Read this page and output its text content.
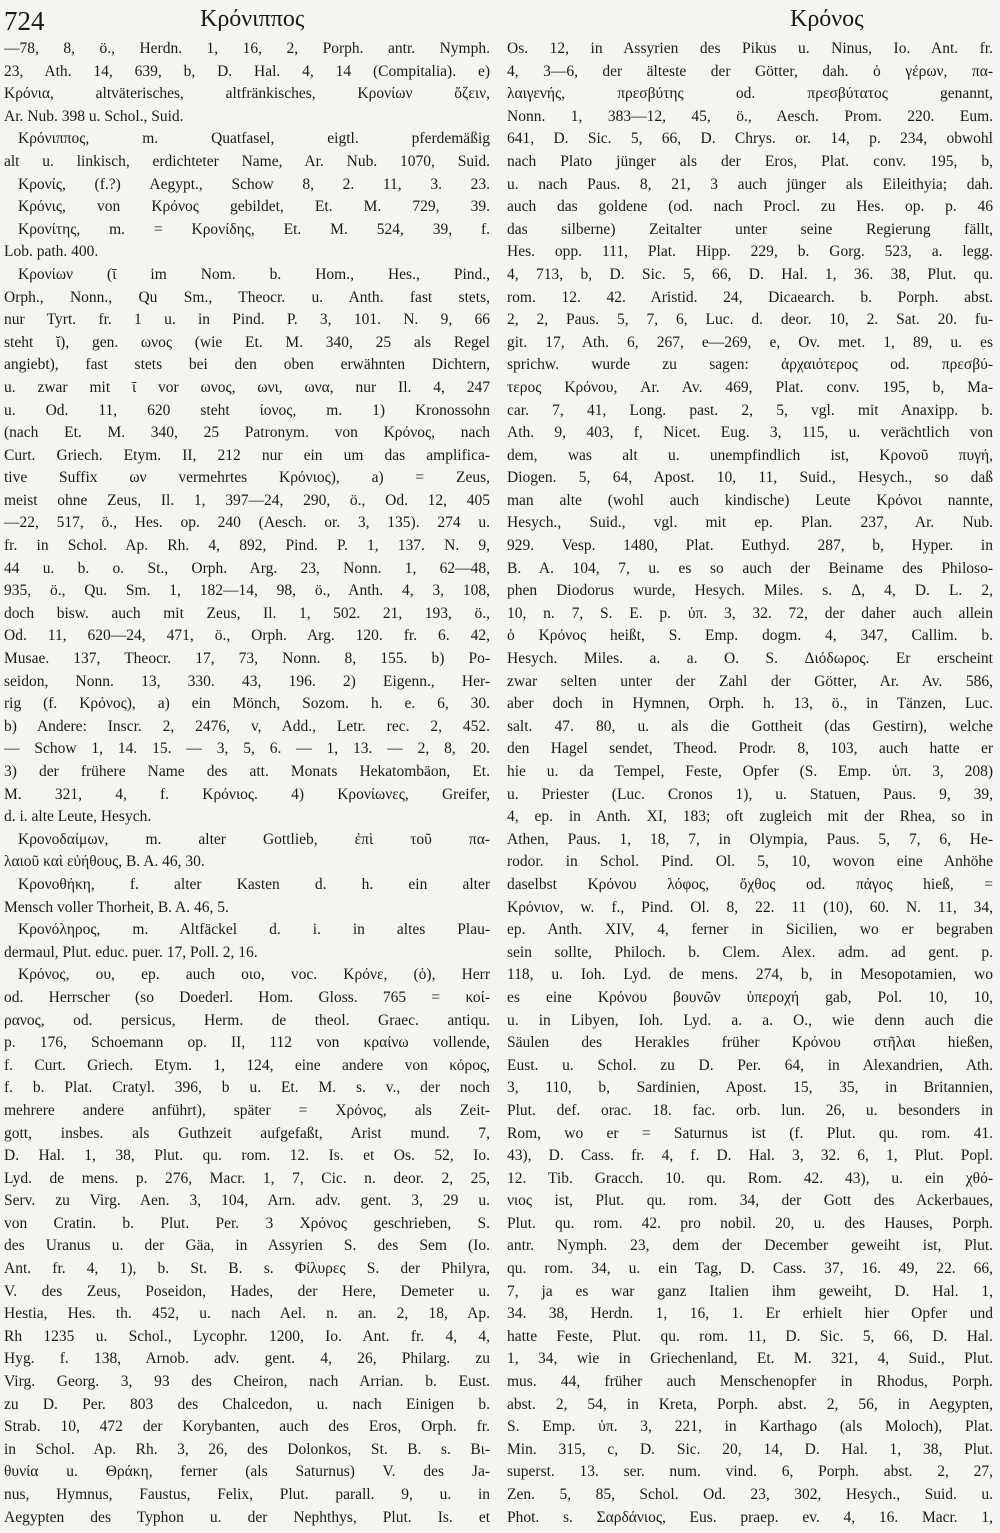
724	Κρόνιππος	Κρόνος
—78, 8, ö., Herdn. 1, 16, 2, Porph. antr. Nymph.
23, Ath. 14, 639, b, D. Hal. 4, 14 (Compitalia). e)
Κρόνια, altväterisches, altfränkisches, Κρονίων ὄζειν,
Ar. Nub. 398 u. Schol., Suid.
Κρόνιππος, m. Quatfasel, eigtl. pferdemäßig
alt u. linkisch, erdichteter Name, Ar. Nub. 1070, Suid.
Κρονίς, (f.?) Aegypt., Schow 8, 2. 11, 3. 23.
Κρόνις, von Κρόνος gebildet, Et. M. 729, 39.
Κρονίτης, m. = Κρονίδης, Et. M. 524, 39, f.
Lob. path. 400.
Κρονίων (ῑ im Nom. b. Hom., Hes., Pind.,
Orph., Nonn., Qu Sm., Theocr. u. Anth. fast stets,
nur Tyrt. fr. 1 u. in Pind. P. 3, 101. N. 9, 66
steht ῐ), gen. ωνος (wie Et. M. 340, 25 als Regel
angiebt), fast stets bei den oben erwähnten Dichtern,
u. zwar mit ῑ vor ωνος, ωνι, ωνα, nur Il. 4, 247
u. Od. 11, 620 steht ίονος, m. 1) Kronossohn
(nach Et. M. 340, 25 Patronym. von Κρόνος, nach
Curt. Griech. Etym. II, 212 nur ein um das amplifica-
tive Suffix ων vermehrtes Κρόνιος), a) = Zeus,
meist ohne Zeus, Il. 1, 397—24, 290, ö., Od. 12, 405
—22, 517, ö., Hes. op. 240 (Aesch. or. 3, 135). 274 u.
fr. in Schol. Ap. Rh. 4, 892, Pind. P. 1, 137. N. 9,
44 u. b. o. St., Orph. Arg. 23, Nonn. 1, 62—48,
935, ö., Qu. Sm. 1, 182—14, 98, ö., Anth. 4, 3, 108,
doch bisw. auch mit Zeus, Il. 1, 502. 21, 193, ö.,
Od. 11, 620—24, 471, ö., Orph. Arg. 120. fr. 6. 42,
Musae. 137, Theocr. 17, 73, Nonn. 8, 155. b) Po-
seidon, Nonn. 13, 330. 43, 196. 2) Eigenn., Her-
rig (f. Κρόνος), a) ein Mönch, Sozom. h. e. 6, 30.
b) Andere: Inscr. 2, 2476, v, Add., Letr. rec. 2, 452.
— Schow 1, 14. 15. — 3, 5, 6. — 1, 13. — 2, 8, 20.
3) der frühere Name des att. Monats Hekatombäon, Et.
M. 321, 4, f. Κρόνιος. 4) Κρονίωνες, Greifer,
d. i. alte Leute, Hesych.
Κρονοδαίμων, m. alter Gottlieb, ἐπὶ τοῦ πα-
λαιοῦ καὶ εὐήθους, B. A. 46, 30.
Κρονοθήκη, f. alter Kasten d. h. ein alter
Mensch voller Thorheit, B. A. 46, 5.
Κρονόληρος, m. Altfäckel d. i. in altes Plau-
dermaul, Plut. educ. puer. 17, Poll. 2, 16.
Κρόνος, ου, ep. auch οιο, voc. Κρόνε, (ὁ), Herr
od. Herrscher (so Doederl. Hom. Gloss. 765 = κοί-
ρανος, od. persicus, Herm. de theol. Graec. antiqu.
p. 176, Schoemann op. II, 112 von κραίνω vollende,
f. Curt. Griech. Etym. 1, 124, eine andere von κόρος,
f. b. Plat. Cratyl. 396, b u. Et. M. s. v., der noch
mehrere andere anführt), später = Χρόνος, als Zeit-
gott, insbes. als Guthzeit aufgefaßt, Arist mund. 7,
D. Hal. 1, 38, Plut. qu. rom. 12. Is. et Os. 52, Io.
Lyd. de mens. p. 276, Macr. 1, 7, Cic. n. deor. 2, 25,
Serv. zu Virg. Aen. 3, 104, Arn. adv. gent. 3, 29 u.
von Cratin. b. Plut. Per. 3 Χρόνος geschrieben, S.
des Uranus u. der Gäa, in Assyrien S. des Sem (Io.
Ant. fr. 4, 1), b. St. B. s. Φίλυρες S. der Philyra,
V. des Zeus, Poseidon, Hades, der Here, Demeter u.
Hestia, Hes. th. 452, u. nach Ael. n. an. 2, 18, Ap.
Rh 1235 u. Schol., Lycophr. 1200, Io. Ant. fr. 4, 4,
Hyg. f. 138, Arnob. adv. gent. 4, 26, Philarg. zu
Virg. Georg. 3, 93 des Cheiron, nach Arrian. b. Eust.
zu D. Per. 803 des Chalcedon, u. nach Einigen b.
Strab. 10, 472 der Korybanten, auch des Eros, Orph. fr.
in Schol. Ap. Rh. 3, 26, des Dolonkos, St. B. s. Βι-
θυνία u. Θράκη, ferner (als Saturnus) V. des Ja-
nus, Hymnus, Faustus, Felix, Plut. parall. 9, u. in
Aegypten des Typhon u. der Nephthys, Plut. Is. et
Os. 12, in Assyrien des Pikus u. Ninus, Io. Ant. fr.
4, 3—6, der älteste der Götter, dah. ὁ γέρων, πα-
λαιγενής, πρεσβύτης od. πρεσβύτατος genannt,
Nonn. 1, 383—12, 45, ö., Aesch. Prom. 220. Eum.
641, D. Sic. 5, 66, D. Chrys. or. 14, p. 234, obwohl
nach Plato jünger als der Eros, Plat. conv. 195, b,
u. nach Paus. 8, 21, 3 auch jünger als Eileithyia; dah.
auch das goldene (od. nach Procl. zu Hes. op. p. 46
das silberne) Zeitalter unter seine Regierung fällt,
Hes. opp. 111, Plat. Hipp. 229, b. Gorg. 523, a. legg.
4, 713, b, D. Sic. 5, 66, D. Hal. 1, 36. 38, Plut. qu.
rom. 12. 42. Aristid. 24, Dicaearch. b. Porph. abst.
2, 2, Paus. 5, 7, 6, Luc. d. deor. 10, 2. Sat. 20. fu-
git. 17, Ath. 6, 267, e—269, e, Ov. met. 1, 89, u. es
sprichw. wurde zu sagen: ἀρχαιότερος od. πρεσβύ-
τερος Κρόνου, Ar. Av. 469, Plat. conv. 195, b, Ma-
car. 7, 41, Long. past. 2, 5, vgl. mit Anaxipp. b.
Ath. 9, 403, f, Nicet. Eug. 3, 115, u. verächtlich von
dem, was alt u. unempfindlich ist, Κρονοῦ πυγή,
Diogen. 5, 64, Apost. 10, 11, Suid., Hesych., so daß
man alte (wohl auch kindische) Leute Κρόνοι nannte,
Hesych., Suid., vgl. mit ep. Plan. 237, Ar. Nub.
929. Vesp. 1480, Plat. Euthyd. 287, b, Hyper. in
B. A. 104, 7, u. es so auch der Beiname des Philoso-
phen Diodorus wurde, Hesych. Miles. s. Δ, 4, D. L. 2,
10, n. 7, S. E. p. ὑπ. 3, 32. 72, der daher auch allein
ὁ Κρόνος heißt, S. Emp. dogm. 4, 347, Callim. b.
Hesych. Miles. a. a. O. S. Διόδωρος. Er erscheint
zwar selten unter der Zahl der Götter, Ar. Av. 586,
aber doch in Hymnen, Orph. h. 13, ö., in Tänzen, Luc.
salt. 47. 80, u. als die Gottheit (das Gestirn), welche
den Hagel sendet, Theod. Prodr. 8, 103, auch hatte er
hie u. da Tempel, Feste, Opfer (S. Emp. ὑπ. 3, 208)
u. Priester (Luc. Cronos 1), u. Statuen, Paus. 9, 39,
4, ep. in Anth. XI, 183; oft zugleich mit der Rhea, so in
Athen, Paus. 1, 18, 7, in Olympia, Paus. 5, 7, 6, He-
rodor. in Schol. Pind. Ol. 5, 10, wovon eine Anhöhe
daselbst Κρόνου λόφος, ὄχθος od. πάγος hieß, =
Κρόνιον, w. f., Pind. Ol. 8, 22. 11 (10), 60. N. 11, 34,
ep. Anth. XIV, 4, ferner in Sicilien, wo er begraben
sein sollte, Philoch. b. Clem. Alex. adm. ad gent. p.
118, u. Ioh. Lyd. de mens. 274, b, in Mesopotamien, wo
es eine Κρόνου βουνῶν ὑπεροχή gab, Pol. 10, 10,
u. in Libyen, Ioh. Lyd. a. a. O., wie denn auch die
Säulen des Herakles früher Κρόνου στῆλαι hießen,
Eust. u. Schol. zu D. Per. 64, in Alexandrien, Ath.
3, 110, b, Sardinien, Apost. 15, 35, in Britannien,
Plut. def. orac. 18. fac. orb. lun. 26, u. besonders in
Rom, wo er = Saturnus ist (f. Plut. qu. rom. 41.
43), D. Cass. fr. 4, f. D. Hal. 3, 32. 6, 1, Plut. Popl.
12. Tib. Gracch. 10. qu. Rom. 42. 43), u. ein χθό-
νιος ist, Plut. qu. rom. 34, der Gott des Ackerbaues,
Plut. qu. rom. 42. pro nobil. 20, u. des Hauses, Porph.
antr. Nymph. 23, dem der December geweiht ist, Plut.
qu. rom. 34, u. ein Tag, D. Cass. 37, 16. 49, 22. 66,
7, ja es war ganz Italien ihm geweiht, D. Hal. 1,
34. 38, Herdn. 1, 16, 1. Er erhielt hier Opfer und
hatte Feste, Plut. qu. rom. 11, D. Sic. 5, 66, D. Hal.
1, 34, wie in Griechenland, Et. M. 321, 4, Suid., Plut.
mus. 44, früher auch Menschenopfer in Rhodus, Porph.
abst. 2, 54, in Kreta, Porph. abst. 2, 56, in Aegypten,
S. Emp. ὑπ. 3, 221, in Karthago (als Moloch), Plat.
Min. 315, c, D. Sic. 20, 14, D. Hal. 1, 38, Plut.
superst. 13. ser. num. vind. 6, Porph. abst. 2, 27,
Zen. 5, 85, Schol. Od. 23, 302, Hesych., Suid. u.
Phot. s. Σαρδάνιος, Eus. praep. ev. 4, 16. Macr. 1,
